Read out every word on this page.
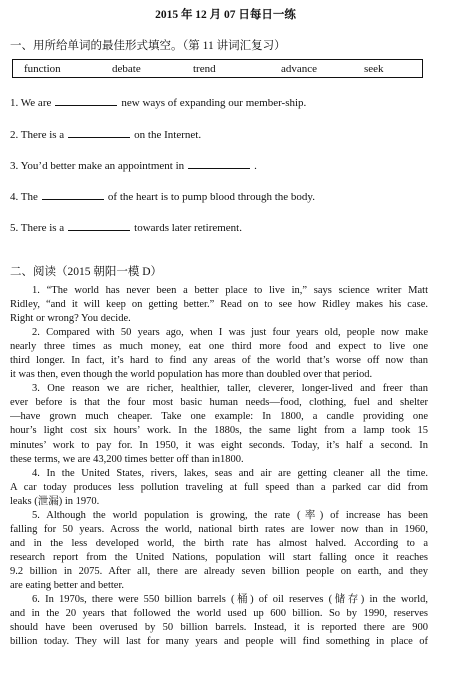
2015 年 12 月 07 日每日一练
一、用所给单词的最佳形式填空。（第 11 讲词汇复习）
function	debate	trend	advance	seek
1. We are	new ways of expanding our member-ship.
2. There is a	on the Internet.
3. You’d better make an appointment in	.
4. The	of the heart is to pump blood through the body.
5. There is a	towards later retirement.
二、阅读（2015 朝阳一模 D）
1. “The world has never been a better place to live in,” says science writer Matt
Ridley, “and it will keep on getting better.” Read on to see how Ridley makes his case.
Right or wrong? You decide.
2. Compared with 50 years ago, when I was just four years old, people now make
nearly three times as much money, eat one third more food and expect to live one
third longer. In fact, it’s hard to find any areas of the world that’s worse off now than
it was then, even though the world population has more than doubled over that period.
3. One reason we are richer, healthier, taller, cleverer, longer-lived and freer than
ever before is that the four most basic human needs—food, clothing, fuel and shelter
—have grown much cheaper. Take one example: In 1800, a candle providing one
hour’s light cost six hours’ work. In the 1880s, the same light from a lamp took 15
minutes’ work to pay for. In 1950, it was eight seconds. Today, it’s half a second. In
these terms, we are 43,200 times better off than in1800.
4. In the United States, rivers, lakes, seas and air are getting cleaner all the time.
A car today produces less pollution traveling at full speed than a parked car did from
leaks (泄漏) in 1970.
5. Although the world population is growing, the rate (率) of increase has been
falling for 50 years. Across the world, national birth rates are lower now than in 1960,
and in the less developed world, the birth rate has almost halved. According to a
research report from the United Nations, population will start falling once it reaches
9.2 billion in 2075. After all, there are already seven billion people on earth, and they
are eating better and better.
6. In 1970s, there were 550 billion barrels (桶) of oil reserves (储存) in the world,
and in the 20 years that followed the world used up 600 billion. So by 1990, reserves
should have been overused by 50 billion barrels. Instead, it is reported there are 900
billion today. They will last for many years and people will find something in place of
